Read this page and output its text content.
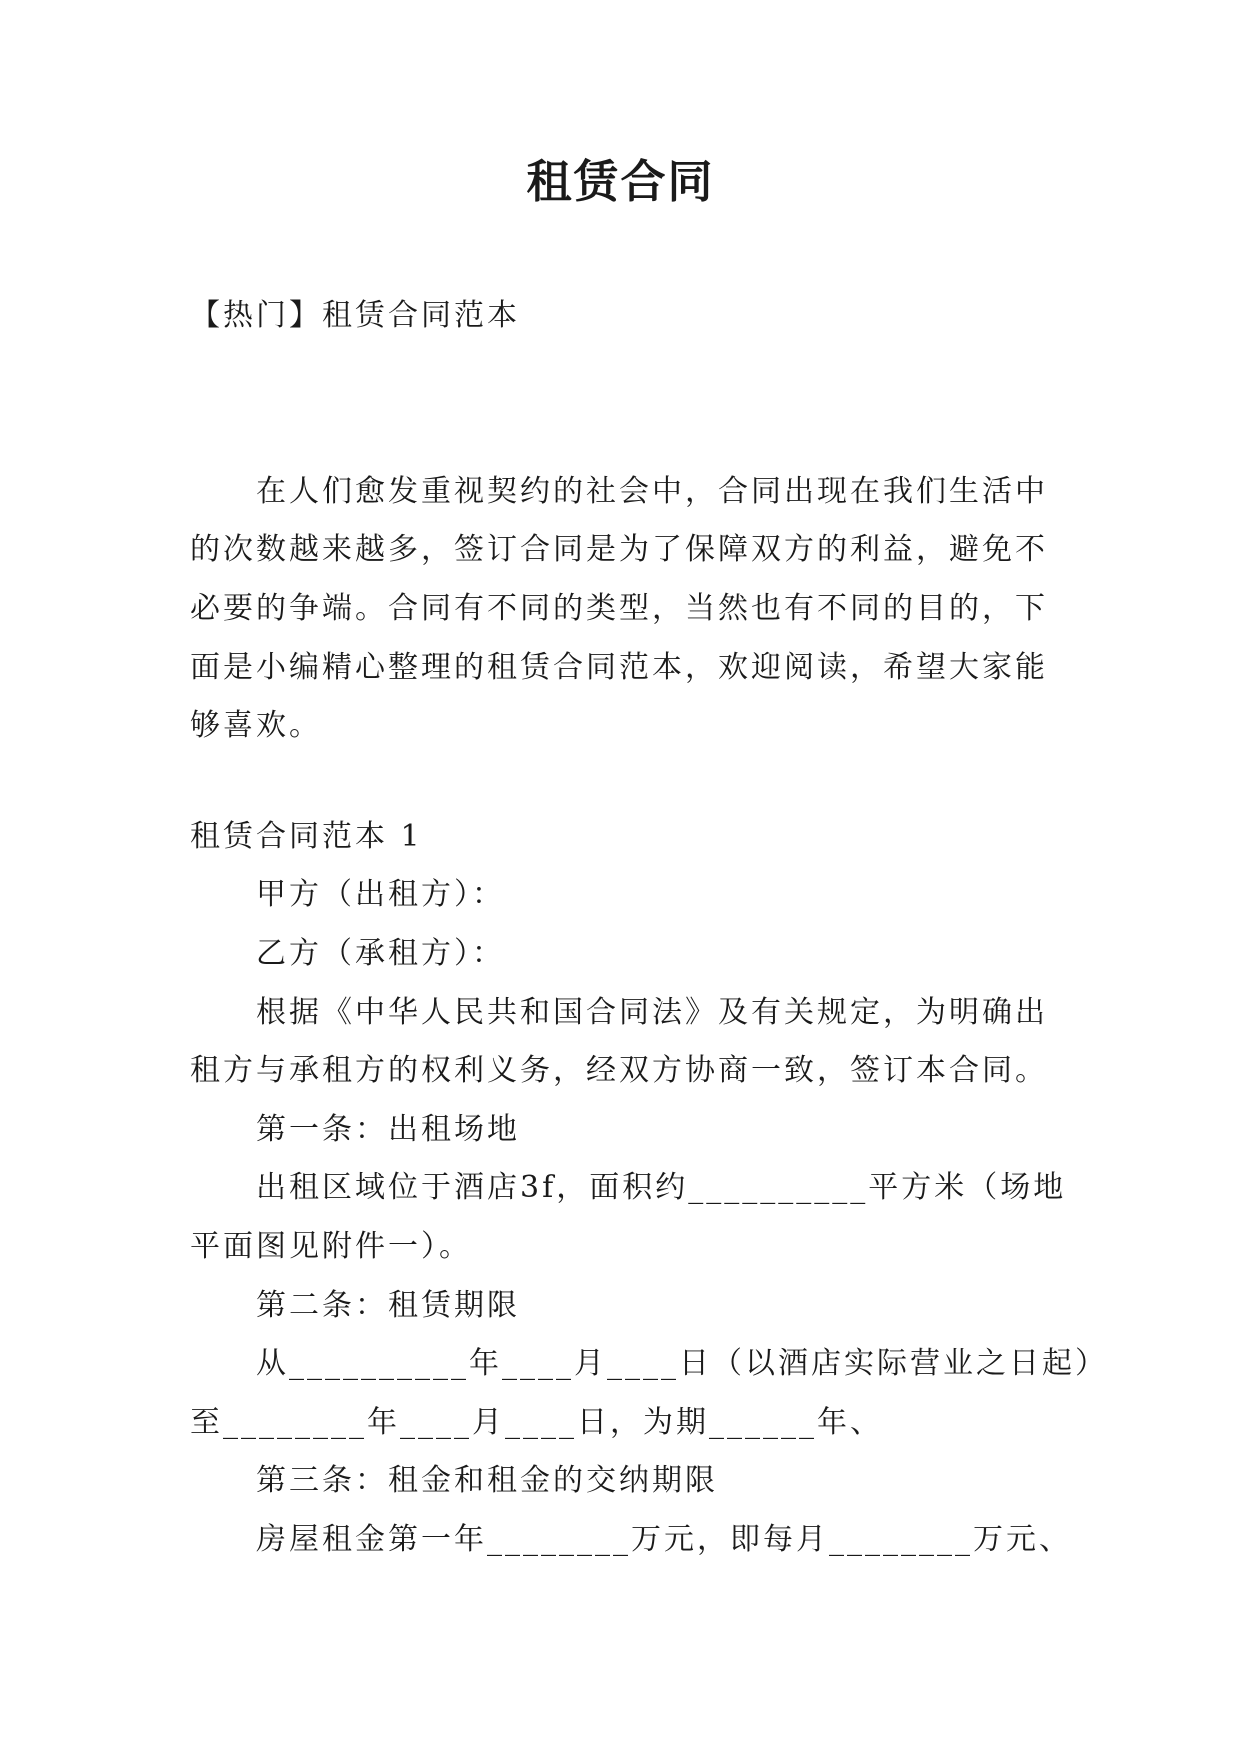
租赁合同
【热门】租赁合同范本
在人们愈发重视契约的社会中，合同出现在我们生活中
的次数越来越多，签订合同是为了保障双方的利益，避免不
必要的争端。合同有不同的类型，当然也有不同的目的，下
面是小编精心整理的租赁合同范本，欢迎阅读，希望大家能
够喜欢。
租赁合同范本 1
甲方（出租方）：
乙方（承租方）：
根据《中华人民共和国合同法》及有关规定，为明确出
租方与承租方的权利义务，经双方协商一致，签订本合同。
第一条：出租场地
出租区域位于酒店3f，面积约__________平方米（场地
平面图见附件一）。
第二条：租赁期限
从__________年____月____日（以酒店实际营业之日起）
至________年____月____日，为期______年、
第三条：租金和租金的交纳期限
房屋租金第一年________万元，即每月________万元、
